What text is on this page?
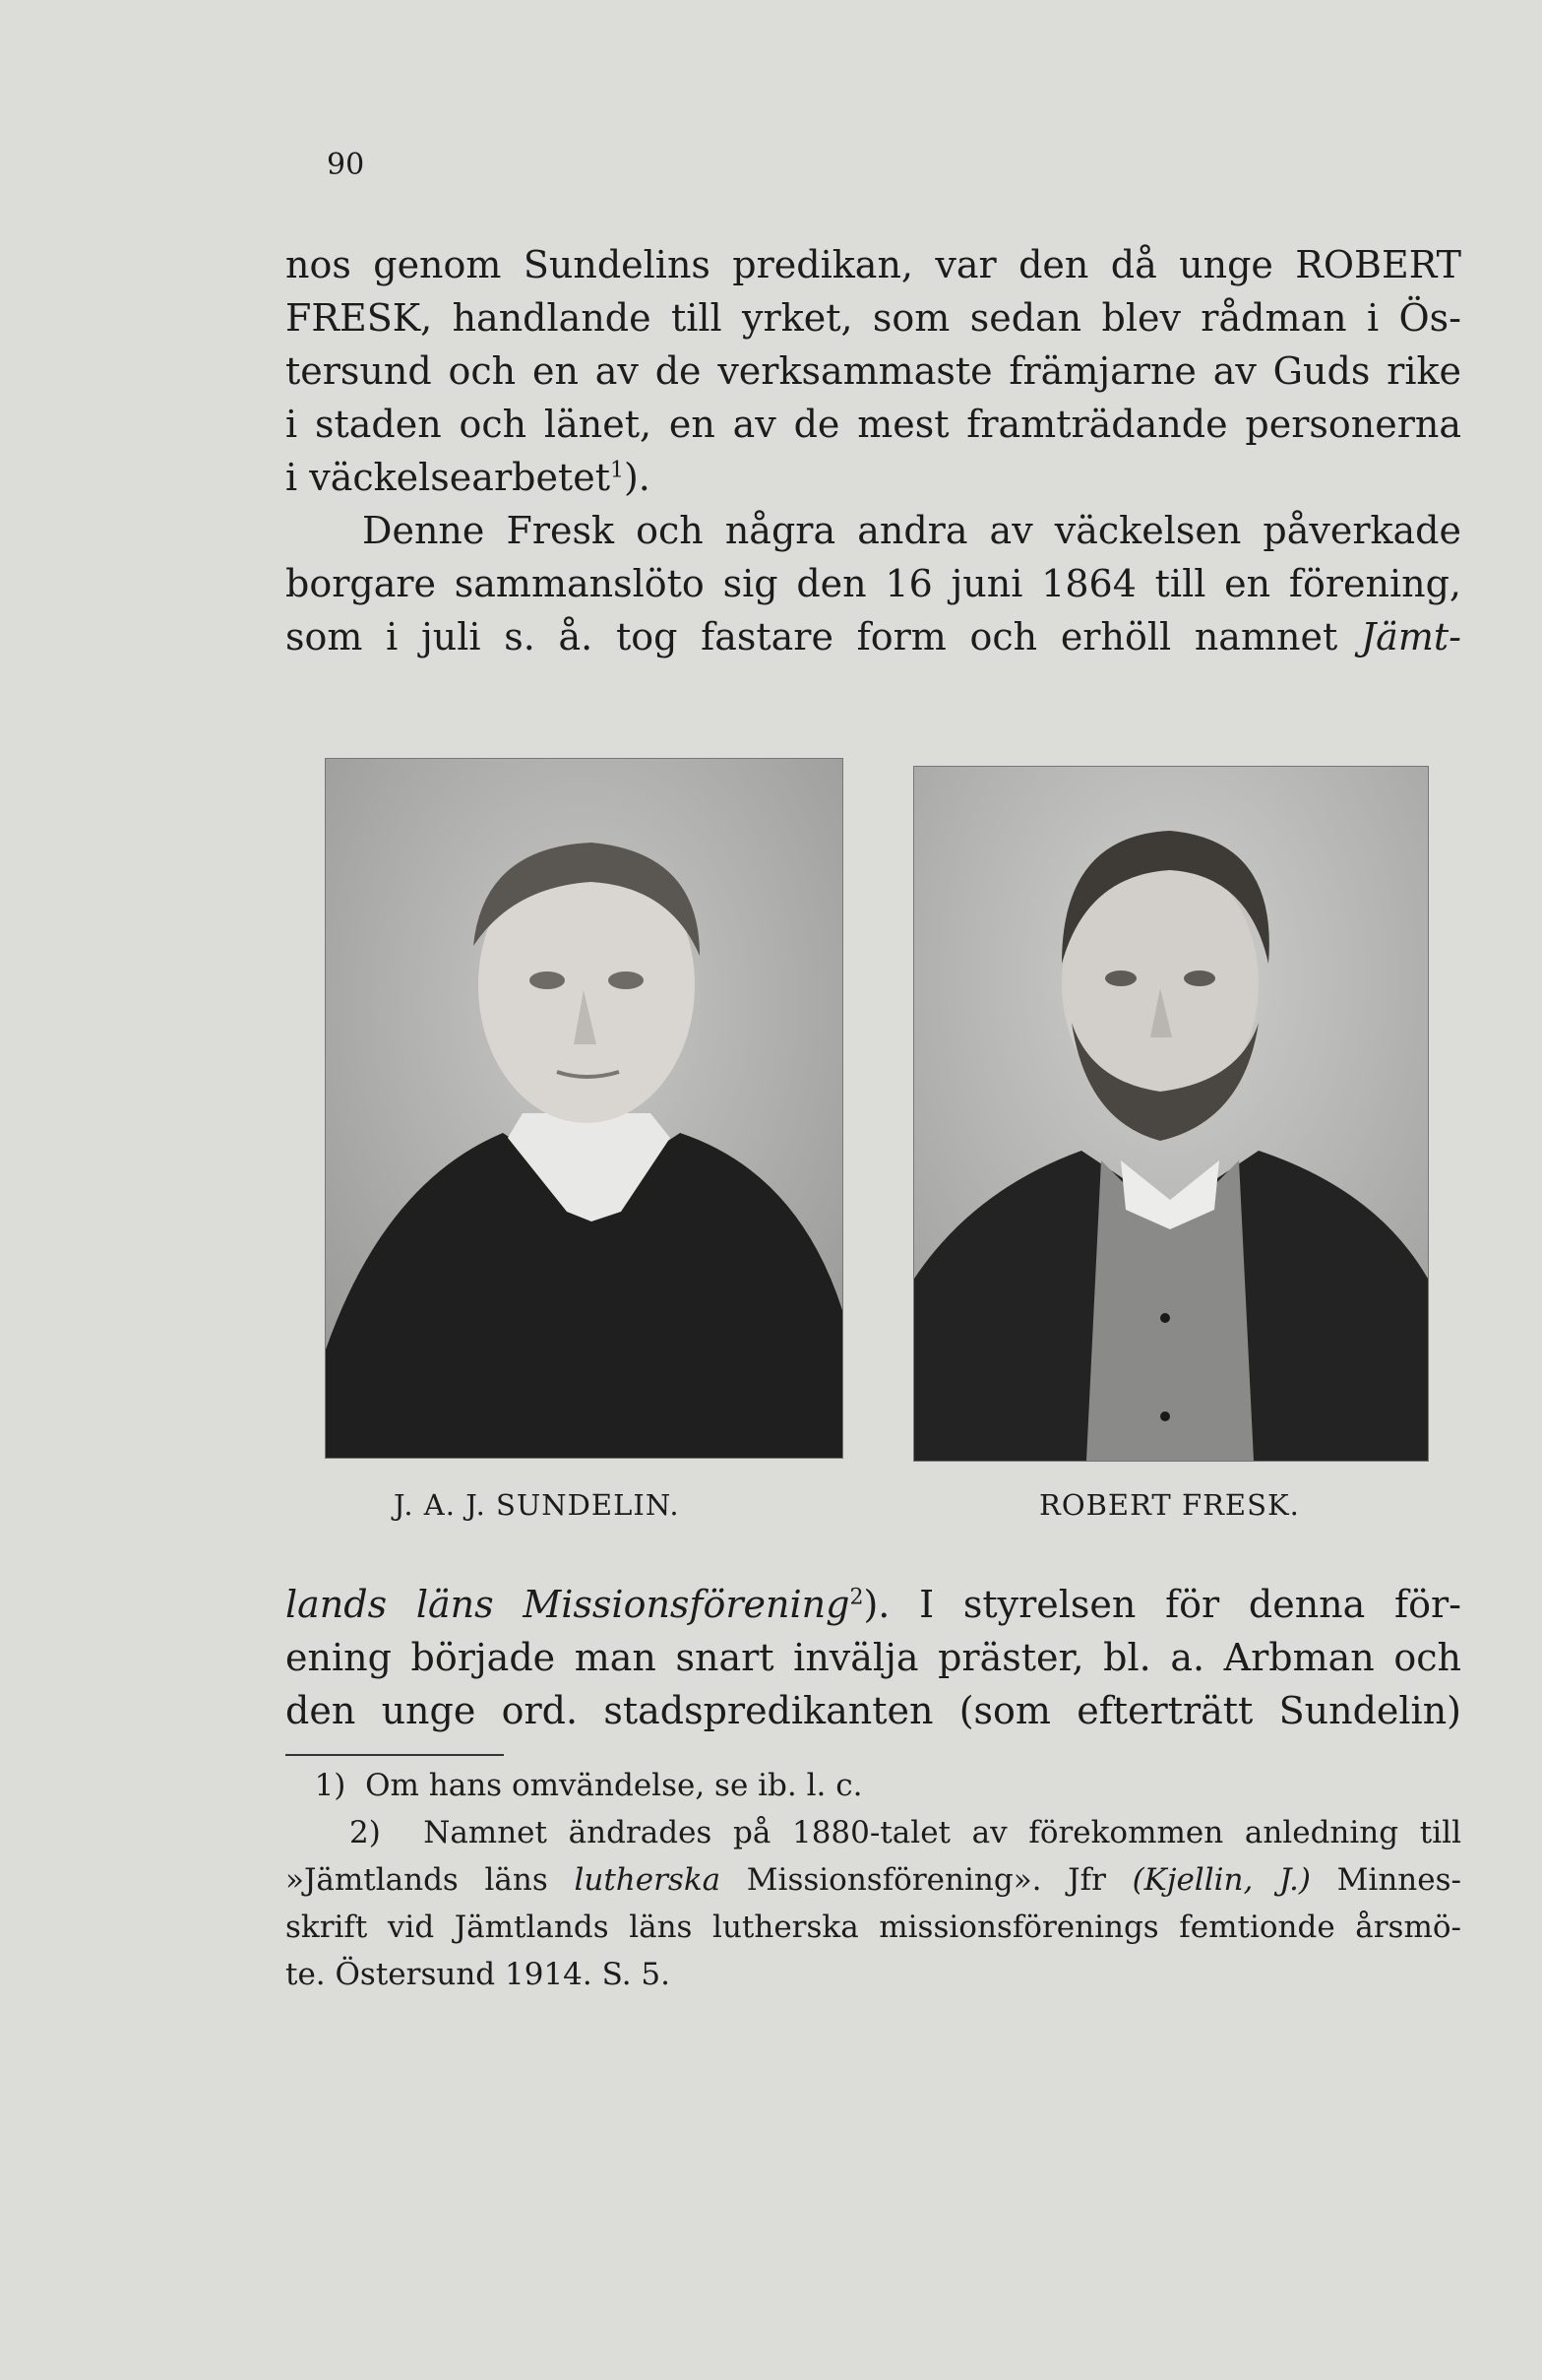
90
nos genom Sundelins predikan, var den då unge ROBERT
FRESK, handlande till yrket, som sedan blev rådman i Ös-
tersund och en av de verksammaste främjarne av Guds rike
i staden och länet, en av de mest framträdande personerna
i väckelsearbetet$^1$).
Denne Fresk och några andra av väckelsen påverkade
borgare sammanslöto sig den 16 juni 1864 till en förening,
som i juli s. å. tog fastare form och erhöll namnet Jämt-
J. A. J. SUNDELIN.	ROBERT FRESK.
lands läns Missionsförening$^2$). I styrelsen för denna för-
ening började man snart invälja präster, bl. a. Arbman och
den unge ord. stadspredikanten (som efterträtt Sundelin)
1) Om hans omvändelse, se ib. l. c.
2) Namnet ändrades på 1880-talet av förekommen anledning till
»Jämtlands läns lutherska Missionsförening». Jfr (Kjellin, J.) Minnes-
skrift vid Jämtlands läns lutherska missionsförenings femtionde årsmö-
te. Östersund 1914. S. 5.
